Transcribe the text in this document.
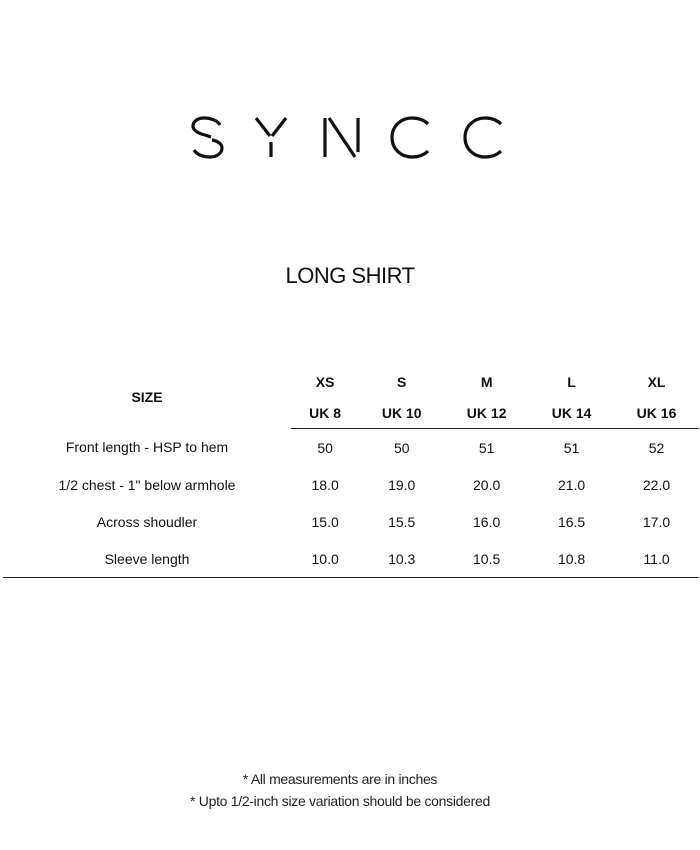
LONG SHIRT
SIZE	XS	S	M	L	XL
	UK 8	UK 10	UK 12	UK 14	UK 16
Front length - HSP to hem	50	50	51	51	52
1/2 chest - 1" below armhole	18.0	19.0	20.0	21.0	22.0
Across shoudler	15.0	15.5	16.0	16.5	17.0
Sleeve length	10.0	10.3	10.5	10.8	11.0
* All measurements are in inches
* Upto 1/2-inch size variation should be considered
